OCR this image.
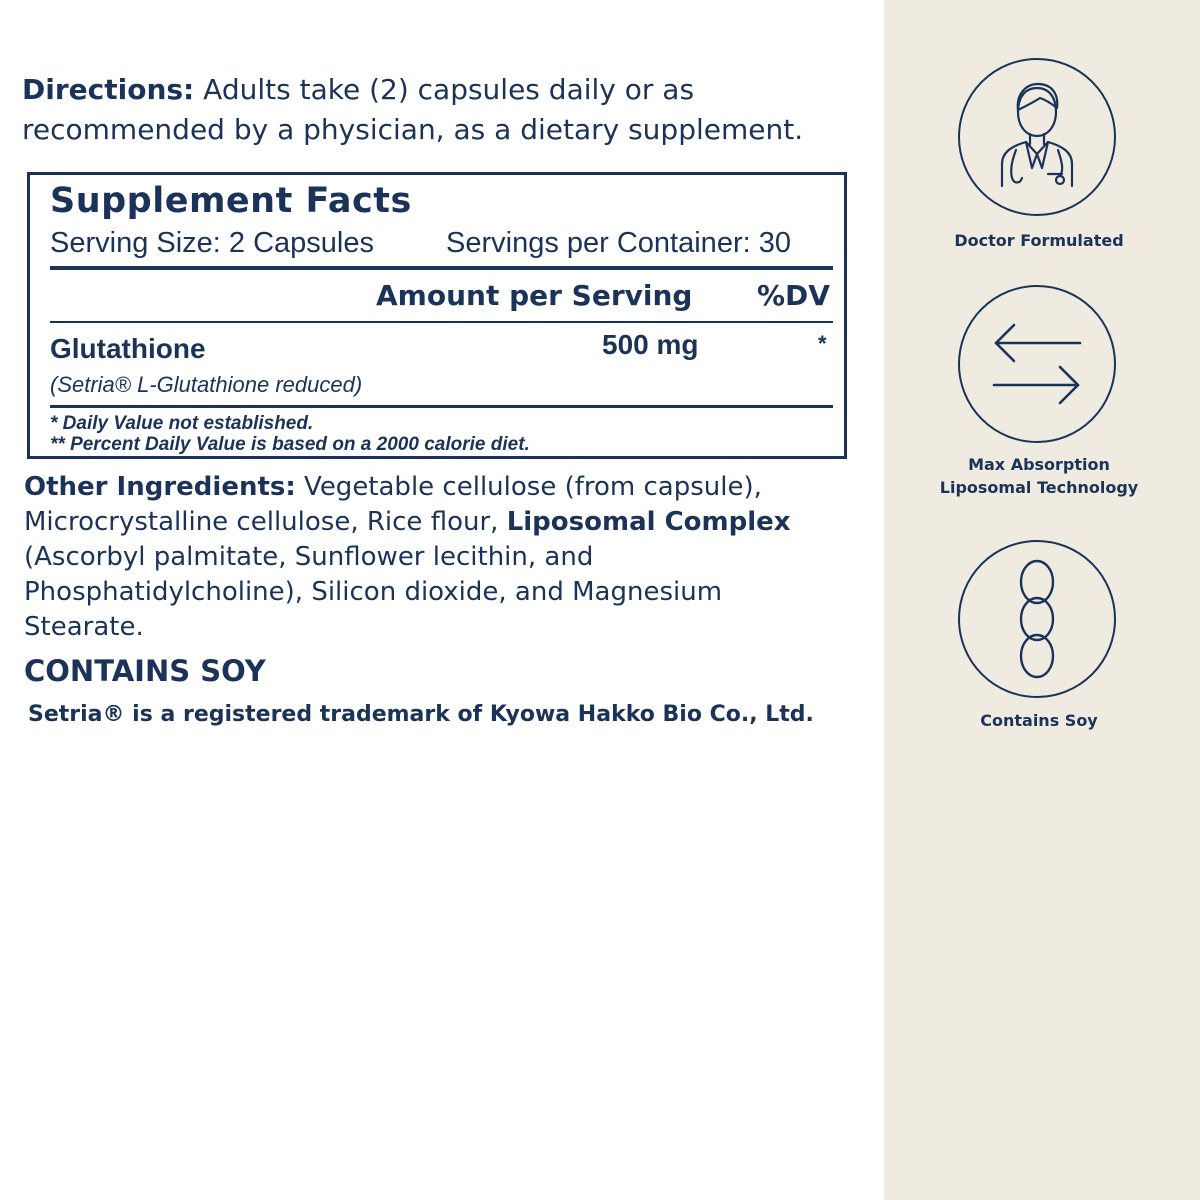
Directions: Adults take (2) capsules daily or as recommended by a physician, as a dietary supplement.
Supplement Facts
Serving Size: 2 Capsules Servings per Container: 30
Amount per Serving %DV
Glutathione	500 mg	*
(Setria® L-Glutathione reduced)
* Daily Value not established.
** Percent Daily Value is based on a 2000 calorie diet.
Other Ingredients: Vegetable cellulose (from capsule), Microcrystalline cellulose, Rice flour, Liposomal Complex (Ascorbyl palmitate, Sunflower lecithin, and Phosphatidylcholine), Silicon dioxide, and Magnesium Stearate.
CONTAINS SOY
Setria® is a registered trademark of Kyowa Hakko Bio Co., Ltd.
Doctor Formulated
Max Absorption
Liposomal Technology
Contains Soy
